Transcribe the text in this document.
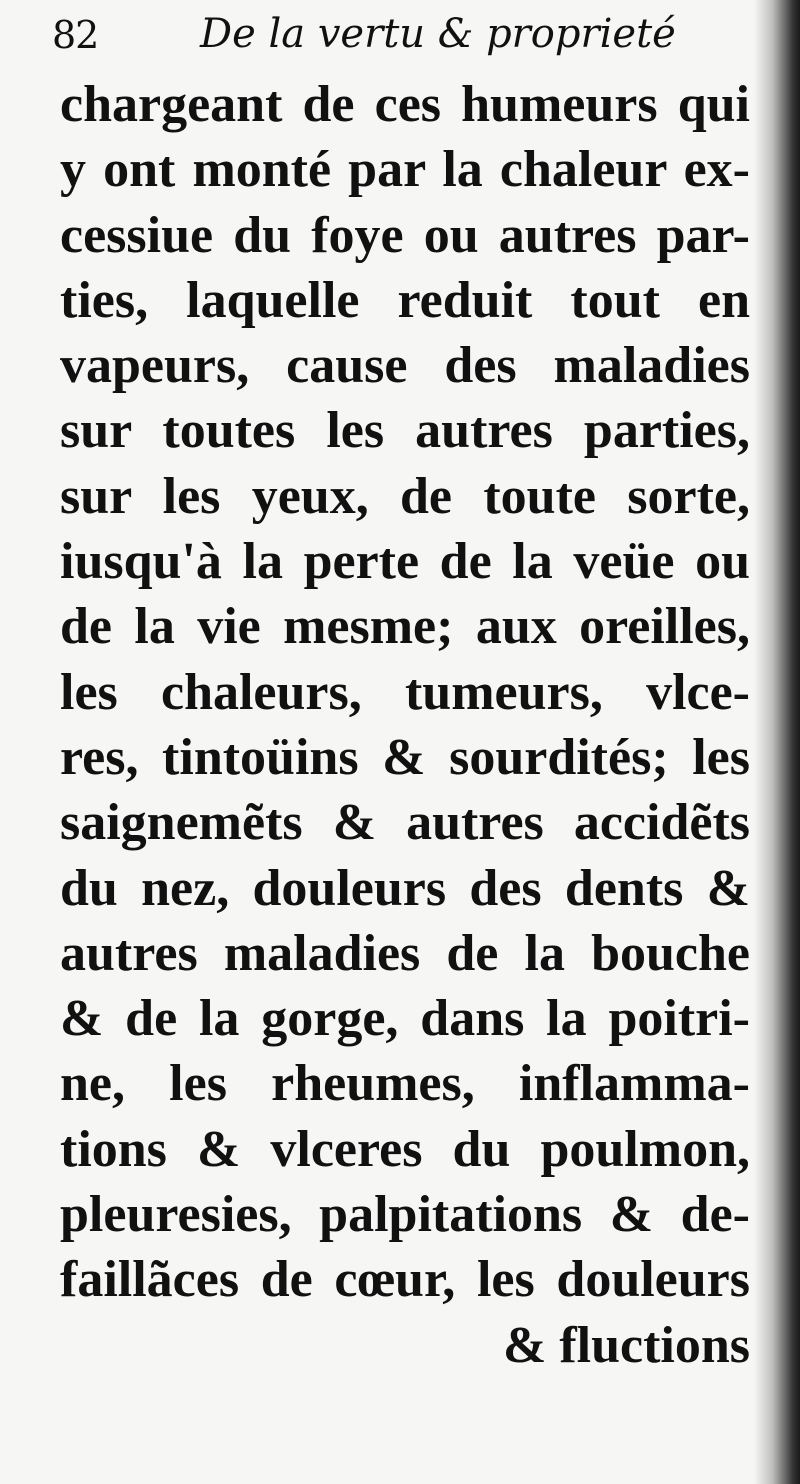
82	De la vertu & proprieté
chargeant de ces humeurs qui
y ont monté par la chaleur ex-
cessiue du foye ou autres par-
ties, laquelle reduit tout en
vapeurs, cause des maladies
sur toutes les autres parties,
sur les yeux, de toute sorte,
iusqu'à la perte de la veüe ou
de la vie mesme; aux oreilles,
les chaleurs, tumeurs, vlce-
res, tintoüins & sourdités; les
saignemẽts & autres accidẽts
du nez, douleurs des dents &
autres maladies de la bouche
& de la gorge, dans la poitri-
ne, les rheumes, inflamma-
tions & vlceres du poulmon,
pleuresies, palpitations & de-
faillãces de cœur, les douleurs
& fluctions
